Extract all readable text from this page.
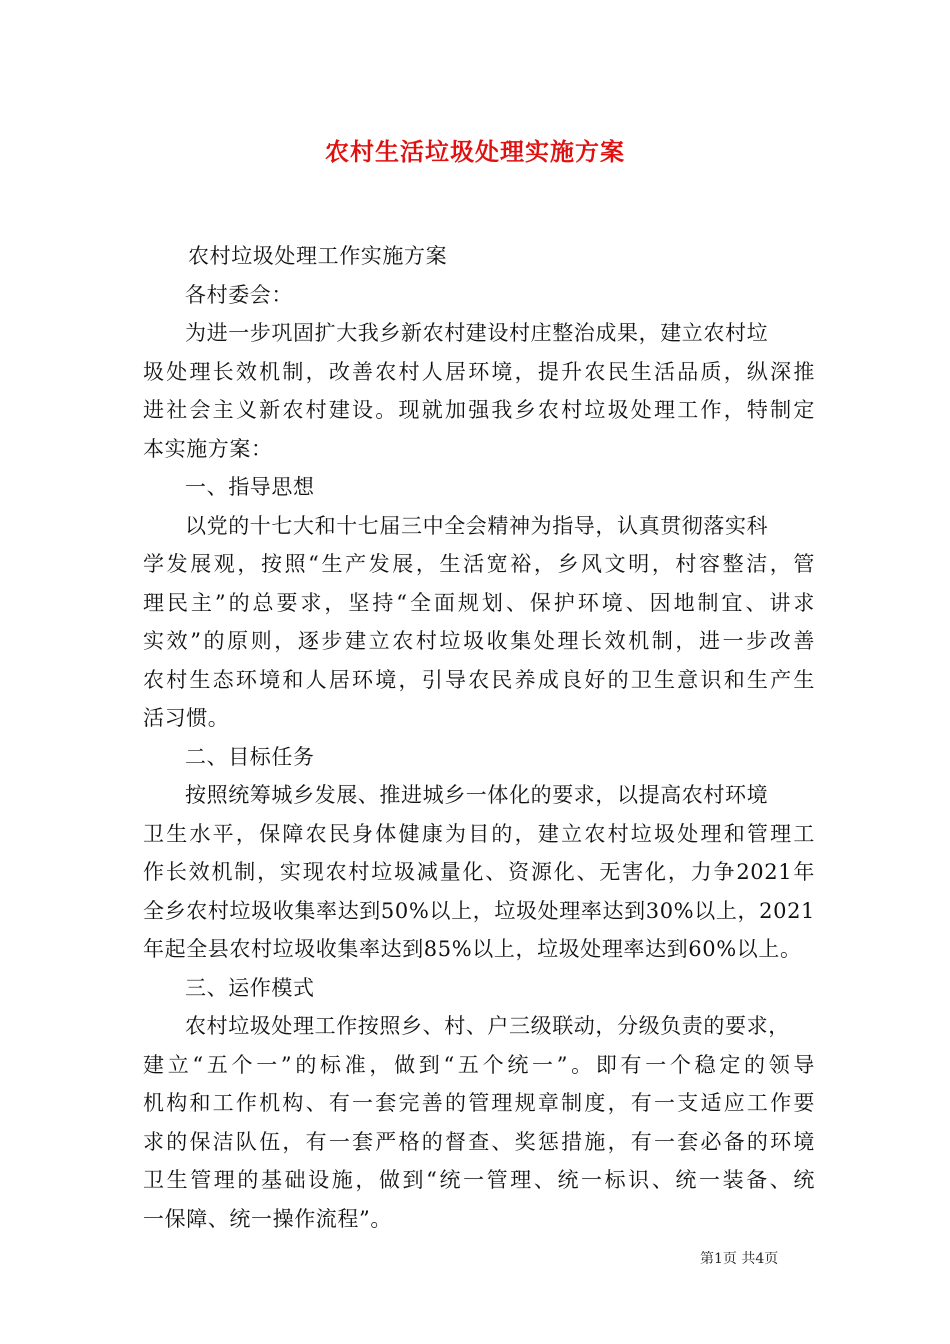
农村生活垃圾处理实施方案
农村垃圾处理工作实施方案
各村委会：
为进一步巩固扩大我乡新农村建设村庄整治成果，建立农村垃
圾处理长效机制，改善农村人居环境，提升农民生活品质，纵深推
进社会主义新农村建设。现就加强我乡农村垃圾处理工作，特制定
本实施方案：
一、指导思想
以党的十七大和十七届三中全会精神为指导，认真贯彻落实科
学发展观，按照“生产发展，生活宽裕，乡风文明，村容整洁，管
理民主”的总要求，坚持“全面规划、保护环境、因地制宜、讲求
实效”的原则，逐步建立农村垃圾收集处理长效机制，进一步改善
农村生态环境和人居环境，引导农民养成良好的卫生意识和生产生
活习惯。
二、目标任务
按照统筹城乡发展、推进城乡一体化的要求，以提高农村环境
卫生水平，保障农民身体健康为目的，建立农村垃圾处理和管理工
作长效机制，实现农村垃圾减量化、资源化、无害化，力争2021年
全乡农村垃圾收集率达到50%以上，垃圾处理率达到30%以上，2021
年起全县农村垃圾收集率达到85%以上，垃圾处理率达到60%以上。
三、运作模式
农村垃圾处理工作按照乡、村、户三级联动，分级负责的要求，
建立“五个一”的标准，做到“五个统一”。即有一个稳定的领导
机构和工作机构、有一套完善的管理规章制度，有一支适应工作要
求的保洁队伍，有一套严格的督查、奖惩措施，有一套必备的环境
卫生管理的基础设施，做到“统一管理、统一标识、统一装备、统
一保障、统一操作流程”。

第1页 共4页
